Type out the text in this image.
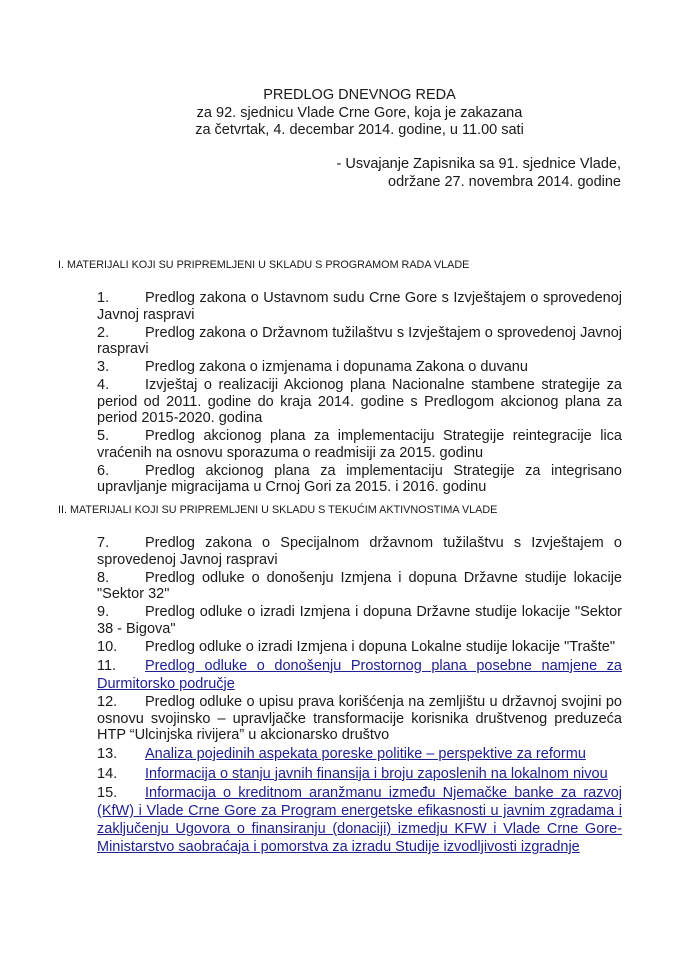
PREDLOG DNEVNOG REDA
za 92. sjednicu Vlade Crne Gore, koja je zakazana
za četvrtak, 4. decembar 2014. godine, u 11.00 sati
- Usvajanje Zapisnika sa 91. sjednice Vlade,
održane 27. novembra 2014. godine
I. MATERIJALI KOJI SU PRIPREMLJENI U SKLADU S PROGRAMOM RADA VLADE
1. Predlog zakona o Ustavnom sudu Crne Gore s Izvještajem o sprovedenoj Javnoj raspravi
2. Predlog zakona o Državnom tužilaštvu s Izvještajem o sprovedenoj Javnoj raspravi
3. Predlog zakona o izmjenama i dopunama Zakona o duvanu
4. Izvještaj o realizaciji Akcionog plana Nacionalne stambene strategije za period od 2011. godine do kraja 2014. godine s Predlogom akcionog plana za period 2015-2020. godina
5. Predlog akcionog plana za implementaciju Strategije reintegracije lica vraćenih na osnovu sporazuma o readmisiji za 2015. godinu
6. Predlog akcionog plana za implementaciju Strategije za integrisano upravljanje migracijama u Crnoj Gori za 2015. i 2016. godinu
II. MATERIJALI KOJI SU PRIPREMLJENI U SKLADU S TEKUĆIM AKTIVNOSTIMA VLADE
7. Predlog zakona o Specijalnom državnom tužilaštvu s Izvještajem o sprovedenoj Javnoj raspravi
8. Predlog odluke o donošenju Izmjena i dopuna Državne studije lokacije "Sektor 32"
9. Predlog odluke o izradi Izmjena i dopuna Državne studije lokacije "Sektor 38 - Bigova"
10. Predlog odluke o izradi Izmjena i dopuna Lokalne studije lokacije "Trašte"
11. Predlog odluke o donošenju Prostornog plana posebne namjene za Durmitorsko područje
12. Predlog odluke o upisu prava korišćenja na zemljištu u državnoj svojini po osnovu svojinsko – upravljačke transformacije korisnika društvenog preduzeća HTP “Ulcinjska rivijera” u akcionarsko društvo
13. Analiza pojedinih aspekata poreske politike – perspektive za reformu
14. Informacija o stanju javnih finansija i broju zaposlenih na lokalnom nivou
15. Informacija o kreditnom aranžmanu između Njemačke banke za razvoj (KfW) i Vlade Crne Gore za Program energetske efikasnosti u javnim zgradama i zaključenju Ugovora o finansiranju (donaciji) izmedju KFW i Vlade Crne Gore-Ministarstvo saobraćaja i pomorstva za izradu Studije izvodljivosti izgradnje
